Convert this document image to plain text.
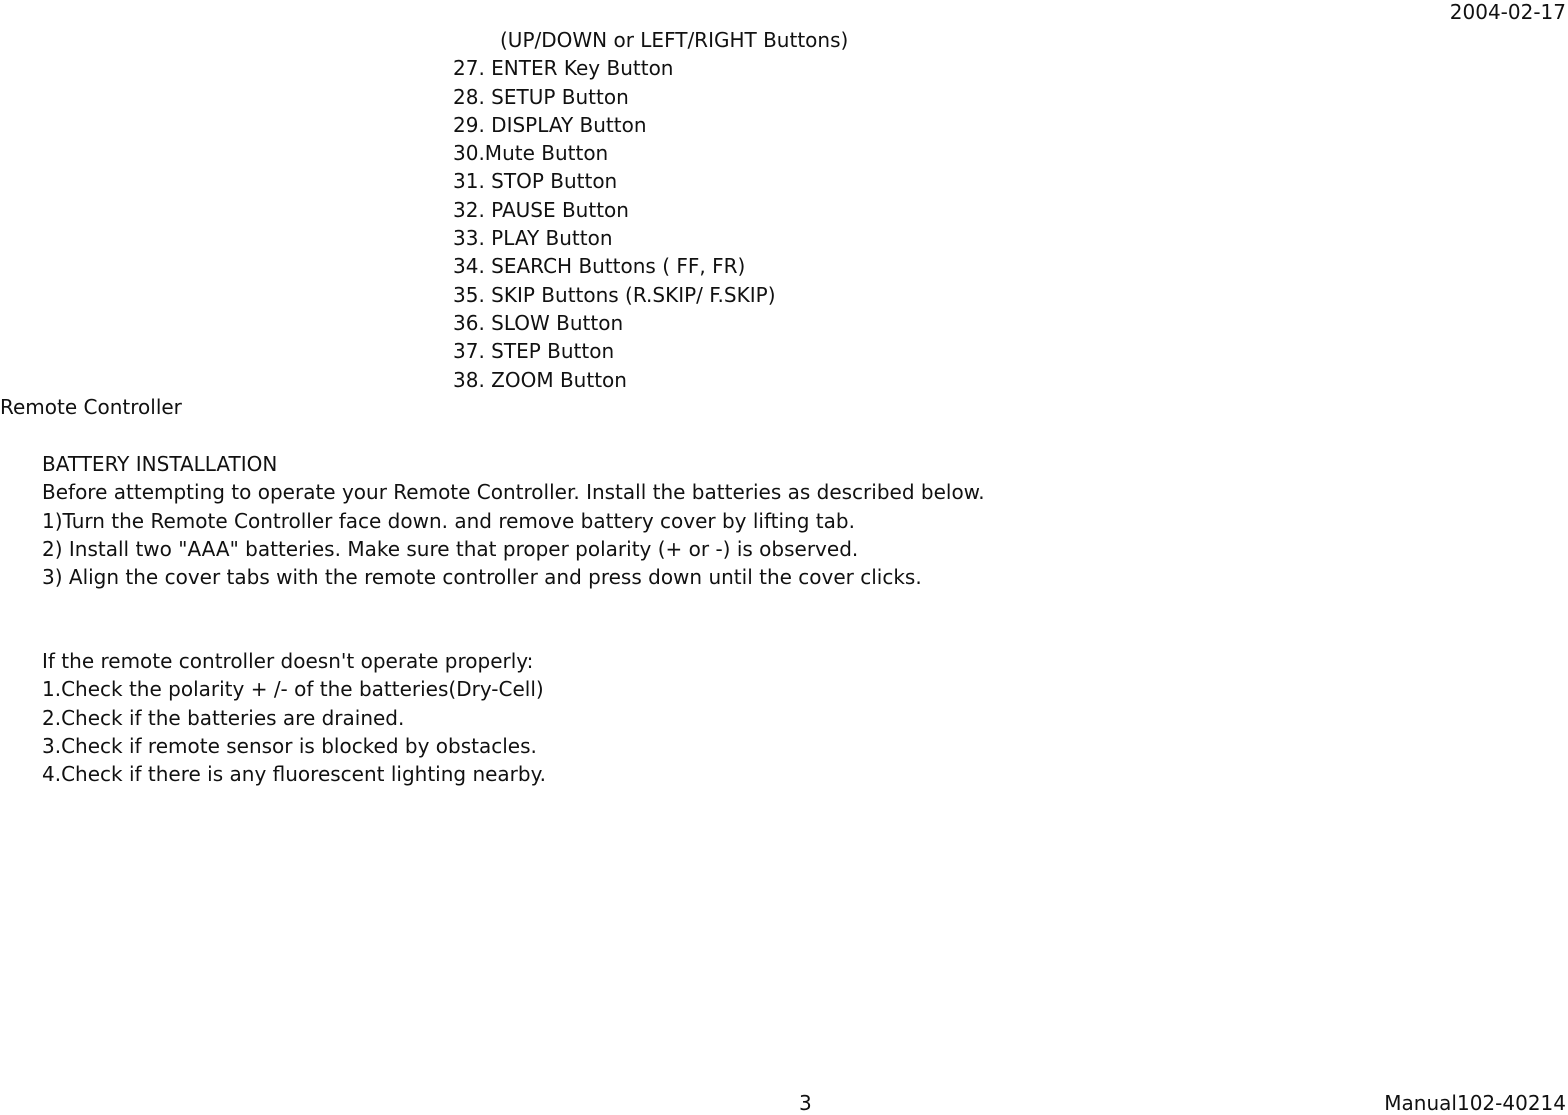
2004-02-17
(UP/DOWN or LEFT/RIGHT Buttons)
27. ENTER Key Button
28. SETUP Button
29. DISPLAY Button
30.Mute Button
31. STOP Button
32. PAUSE Button
33. PLAY Button
34. SEARCH Buttons ( FF, FR)
35. SKIP Buttons (R.SKIP/ F.SKIP)
36. SLOW Button
37. STEP Button
38. ZOOM Button
Remote Controller
BATTERY INSTALLATION
Before attempting to operate your Remote Controller. Install the batteries as described below.
1)Turn the Remote Controller face down. and remove battery cover by lifting tab.
2) Install two "AAA" batteries. Make sure that proper polarity (+ or -) is observed.
3) Align the cover tabs with the remote controller and press down until the cover clicks.
If the remote controller doesn't operate properly:
1.Check the polarity + /- of the batteries(Dry-Cell)
2.Check if the batteries are drained.
3.Check if remote sensor is blocked by obstacles.
4.Check if there is any fluorescent lighting nearby.
3	Manual102-40214
